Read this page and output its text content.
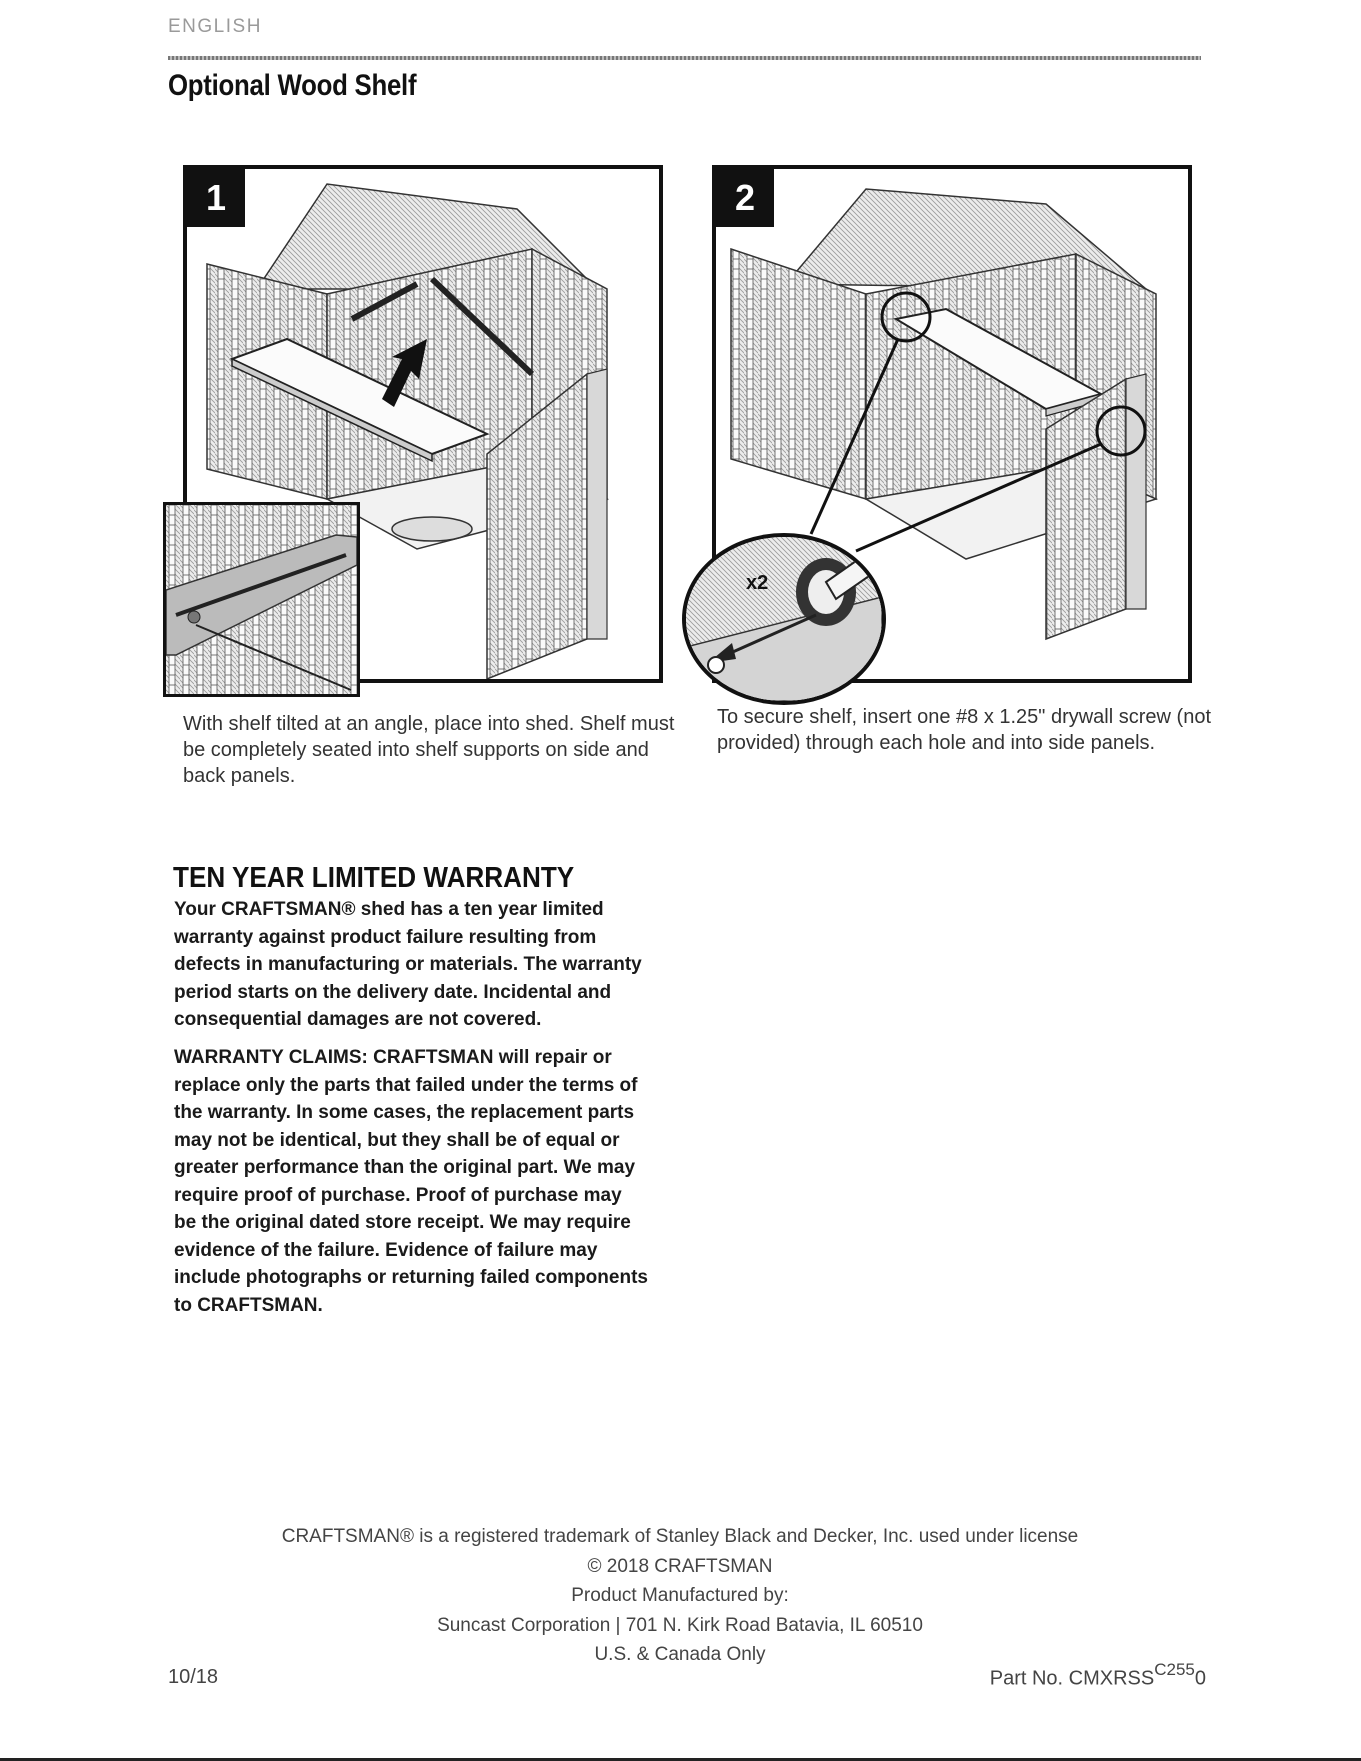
ENGLISH
Optional Wood Shelf
1

With shelf tilted at an angle, place into shed. Shelf must

be completely seated into shelf supports on side and

back panels.

2
x2

To secure shelf, insert one #8 x 1.25" drywall screw (not

provided) through each hole and into side panels.

TEN YEAR LIMITED WARRANTY
Your CRAFTSMAN® shed has a ten year limited
warranty against product failure resulting from
defects in manufacturing or materials. The warranty
period starts on the delivery date. Incidental and
consequential damages are not covered.
WARRANTY CLAIMS: CRAFTSMAN will repair or
replace only the parts that failed under the terms of
the warranty. In some cases, the replacement parts
may not be identical, but they shall be of equal or
greater performance than the original part. We may
require proof of purchase. Proof of purchase may
be the original dated store receipt. We may require
evidence of the failure. Evidence of failure may
include photographs or returning failed components
to CRAFTSMAN.
CRAFTSMAN® is a registered trademark of Stanley Black and Decker, Inc. used under license
© 2018 CRAFTSMAN
Product Manufactured by:
Suncast Corporation | 701 N. Kirk Road Batavia, IL 60510
U.S. & Canada Only
10/18	Part No. $CMXRSS^{C255}0$
